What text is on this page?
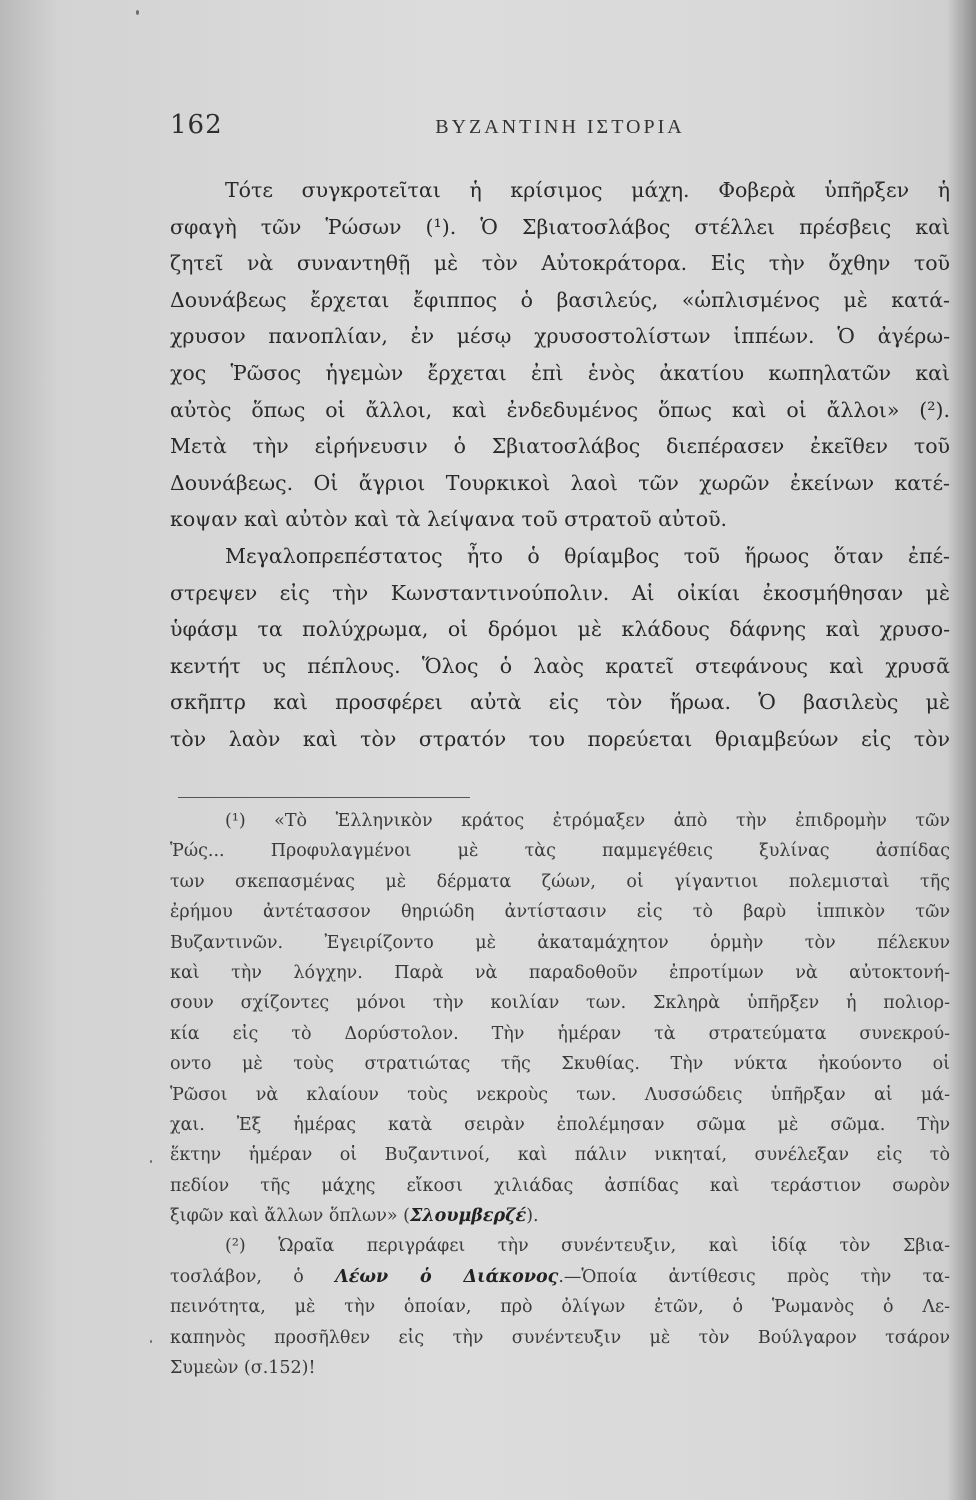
162	ΒΥΖΑΝΤΙΝΗ ΙΣΤΟΡΙΑ
Τότε συγκροτεῖται ἡ κρίσιμος μάχη. Φοβερὰ ὑπῆρξεν ἡ
σφαγὴ τῶν Ῥώσων (¹). Ὁ Σβιατοσλάβος στέλλει πρέσβεις καὶ
ζητεῖ νὰ συναντηθῇ μὲ τὸν Αὐτοκράτορα. Εἰς τὴν ὄχθην τοῦ
Δουνάβεως ἔρχεται ἔφιππος ὁ βασιλεύς, «ὡπλισμένος μὲ κατά-
χρυσον πανοπλίαν, ἐν μέσῳ χρυσοστολίστων ἱππέων. Ὁ ἀγέρω-
χος Ῥῶσος ἡγεμὼν ἔρχεται ἐπὶ ἑνὸς ἀκατίου κωπηλατῶν καὶ
αὐτὸς ὅπως οἱ ἄλλοι, καὶ ἐνδεδυμένος ὅπως καὶ οἱ ἄλλοι» (²).
Μετὰ τὴν εἰρήνευσιν ὁ Σβιατοσλάβος διεπέρασεν ἐκεῖθεν τοῦ
Δουνάβεως. Οἱ ἄγριοι Τουρκικοὶ λαοὶ τῶν χωρῶν ἐκείνων κατέ-
κοψαν καὶ αὐτὸν καὶ τὰ λείψανα τοῦ στρατοῦ αὐτοῦ.
Μεγαλοπρεπέστατος ἦτο ὁ θρίαμβος τοῦ ἥρωος ὅταν ἐπέ-
στρεψεν εἰς τὴν Κωνσταντινούπολιν. Αἱ οἰκίαι ἐκοσμήθησαν μὲ
ὑφάσμ τα πολύχρωμα, οἱ δρόμοι μὲ κλάδους δάφνης καὶ χρυσο-
κεντήτ υς πέπλους. Ὅλος ὁ λαὸς κρατεῖ στεφάνους καὶ χρυσᾶ
σκῆπτρ καὶ προσφέρει αὐτὰ εἰς τὸν ἥρωα. Ὁ βασιλεὺς μὲ
τὸν λαὸν καὶ τὸν στρατόν του πορεύεται θριαμβεύων εἰς τὸν
(¹) «Τὸ Ἑλληνικὸν κράτος ἐτρόμαξεν ἀπὸ τὴν ἐπιδρομὴν τῶν
Ῥώς... Προφυλαγμένοι μὲ τὰς παμμεγέθεις ξυλίνας ἀσπίδας
των σκεπασμένας μὲ δέρματα ζώων, οἱ γίγαντιοι πολεμισταὶ τῆς
ἐρήμου ἀντέτασσον θηριώδη ἀντίστασιν εἰς τὸ βαρὺ ἱππικὸν τῶν
Βυζαντινῶν. Ἐγειρίζοντο μὲ ἀκαταμάχητον ὁρμὴν τὸν πέλεκυν
καὶ τὴν λόγχην. Παρὰ νὰ παραδοθοῦν ἐπροτίμων νὰ αὐτοκτονή-
σουν σχίζοντες μόνοι τὴν κοιλίαν των. Σκληρὰ ὑπῆρξεν ἡ πολιορ-
κία εἰς τὸ Δορύστολον. Τὴν ἡμέραν τὰ στρατεύματα συνεκρού-
οντο μὲ τοὺς στρατιώτας τῆς Σκυθίας. Τὴν νύκτα ἠκούοντο οἱ
Ῥῶσοι νὰ κλαίουν τοὺς νεκροὺς των. Λυσσώδεις ὑπῆρξαν αἱ μά-
χαι. Ἐξ ἡμέρας κατὰ σειρὰν ἐπολέμησαν σῶμα μὲ σῶμα. Τὴν
ἕκτην ἡμέραν οἱ Βυζαντινοί, καὶ πάλιν νικηταί, συνέλεξαν εἰς τὸ
πεδίον τῆς μάχης εἴκοσι χιλιάδας ἀσπίδας καὶ τεράστιον σωρὸν
ξιφῶν καὶ ἄλλων ὅπλων» (Σλουμβερζέ).
(²) Ὡραῖα περιγράφει τὴν συνέντευξιν, καὶ ἰδίᾳ τὸν Σβια-
τοσλάβον, ὁ Λέων ὁ Διάκονος.—Ὁποία ἀντίθεσις πρὸς τὴν τα-
πεινότητα, μὲ τὴν ὁποίαν, πρὸ ὀλίγων ἐτῶν, ὁ Ῥωμανὸς ὁ Λε-
καπηνὸς προσῆλθεν εἰς τὴν συνέντευξιν μὲ τὸν Βούλγαρον τσάρον
Συμεὼν (σ.152)!
